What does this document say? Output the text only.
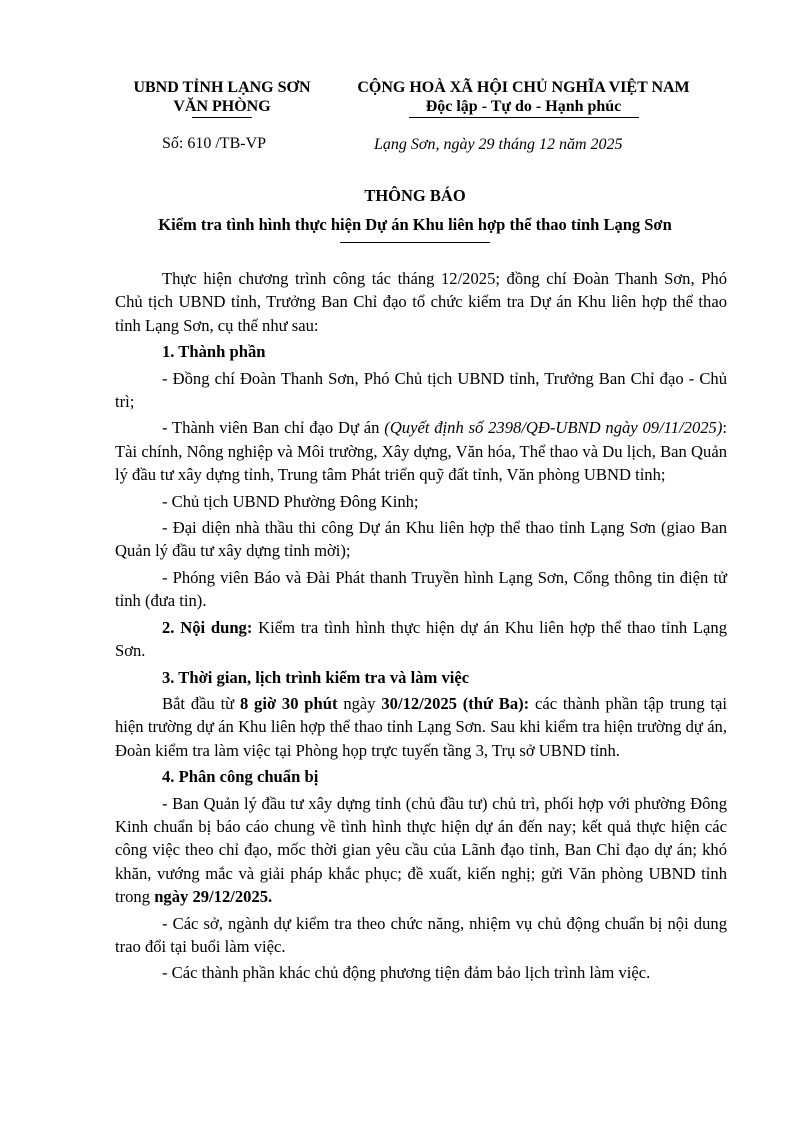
UBND TỈNH LẠNG SƠN
VĂN PHÒNG
CỘNG HOÀ XÃ HỘI CHỦ NGHĨA VIỆT NAM
Độc lập - Tự do - Hạnh phúc
Số: 610 /TB-VP	Lạng Sơn, ngày 29 tháng 12 năm 2025
THÔNG BÁO
Kiểm tra tình hình thực hiện Dự án Khu liên hợp thể thao tỉnh Lạng Sơn

Thực hiện chương trình công tác tháng 12/2025; đồng chí Đoàn Thanh Sơn, Phó Chủ tịch UBND tỉnh, Trưởng Ban Chỉ đạo tổ chức kiểm tra Dự án Khu liên hợp thể thao tỉnh Lạng Sơn, cụ thể như sau:

1. Thành phần

- Đồng chí Đoàn Thanh Sơn, Phó Chủ tịch UBND tỉnh, Trưởng Ban Chỉ đạo - Chủ trì;

- Thành viên Ban chỉ đạo Dự án (Quyết định số 2398/QĐ-UBND ngày 09/11/2025): Tài chính, Nông nghiệp và Môi trường, Xây dựng, Văn hóa, Thể thao và Du lịch, Ban Quản lý đầu tư xây dựng tỉnh, Trung tâm Phát triển quỹ đất tỉnh, Văn phòng UBND tỉnh;

- Chủ tịch UBND Phường Đông Kinh;

- Đại diện nhà thầu thi công Dự án Khu liên hợp thể thao tỉnh Lạng Sơn (giao Ban Quản lý đầu tư xây dựng tỉnh mời);

- Phóng viên Báo và Đài Phát thanh Truyền hình Lạng Sơn, Cổng thông tin điện tử tỉnh (đưa tin).

2. Nội dung: Kiểm tra tình hình thực hiện dự án Khu liên hợp thể thao tỉnh Lạng Sơn.

3. Thời gian, lịch trình kiểm tra và làm việc

Bắt đầu từ 8 giờ 30 phút ngày 30/12/2025 (thứ Ba): các thành phần tập trung tại hiện trường dự án Khu liên hợp thể thao tỉnh Lạng Sơn. Sau khi kiểm tra hiện trường dự án, Đoàn kiểm tra làm việc tại Phòng họp trực tuyến tầng 3, Trụ sở UBND tỉnh.

4. Phân công chuẩn bị

- Ban Quản lý đầu tư xây dựng tỉnh (chủ đầu tư) chủ trì, phối hợp với phường Đông Kinh chuẩn bị báo cáo chung về tình hình thực hiện dự án đến nay; kết quả thực hiện các công việc theo chỉ đạo, mốc thời gian yêu cầu của Lãnh đạo tỉnh, Ban Chỉ đạo dự án; khó khăn, vướng mắc và giải pháp khắc phục; đề xuất, kiến nghị; gửi Văn phòng UBND tỉnh trong ngày 29/12/2025.

- Các sở, ngành dự kiểm tra theo chức năng, nhiệm vụ chủ động chuẩn bị nội dung trao đổi tại buổi làm việc.

- Các thành phần khác chủ động phương tiện đảm bảo lịch trình làm việc.
